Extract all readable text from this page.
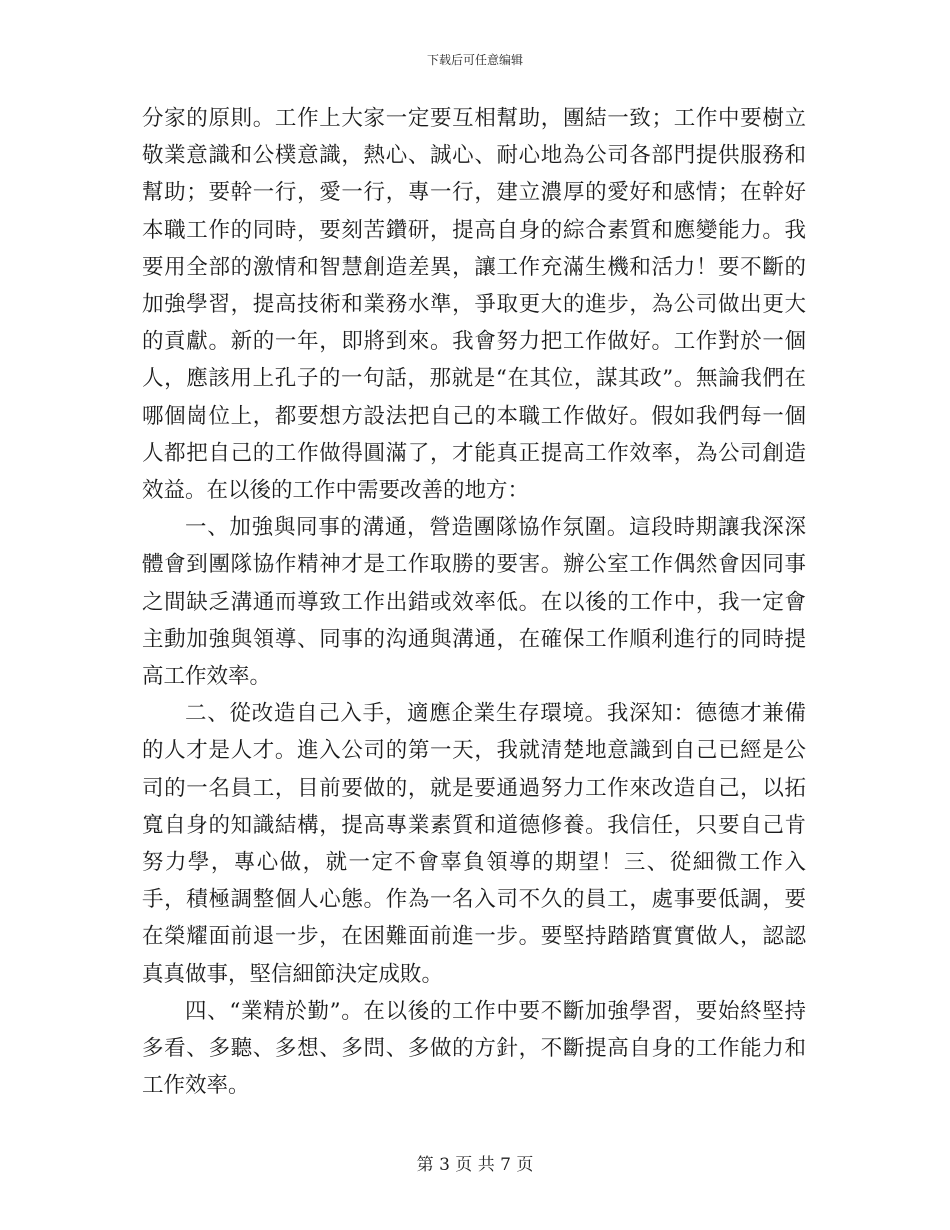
下载后可任意编辑

分家的原則。工作上大家一定要互相幫助，團結一致；工作中要樹立敬業意識和公樸意識，熱心、誠心、耐心地為公司各部門提供服務和幫助；要幹一行，愛一行，專一行，建立濃厚的愛好和感情；在幹好本職工作的同時，要刻苦鑽研，提高自身的綜合素質和應變能力。我要用全部的激情和智慧創造差異，讓工作充滿生機和活力！要不斷的加強學習，提高技術和業務水準，爭取更大的進步，為公司做出更大的貢獻。新的一年，即將到來。我會努力把工作做好。工作對於一個人，應該用上孔子的一句話，那就是“在其位，謀其政”。無論我們在哪個崗位上，都要想方設法把自己的本職工作做好。假如我們每一個人都把自己的工作做得圓滿了，才能真正提高工作效率，為公司創造效益。在以後的工作中需要改善的地方：

一、加強與同事的溝通，營造團隊協作氛圍。這段時期讓我深深體會到團隊協作精神才是工作取勝的要害。辦公室工作偶然會因同事之間缺乏溝通而導致工作出錯或效率低。在以後的工作中，我一定會主動加強與領導、同事的沟通與溝通，在確保工作順利進行的同時提高工作效率。

二、從改造自己入手，適應企業生存環境。我深知：德德才兼備的人才是人才。進入公司的第一天，我就清楚地意識到自己已經是公司的一名員工，目前要做的，就是要通過努力工作來改造自己，以拓寬自身的知識結構，提高專業素質和道德修養。我信任，只要自己肯努力學，專心做，就一定不會辜負領導的期望！三、從細微工作入手，積極調整個人心態。作為一名入司不久的員工，處事要低調，要在榮耀面前退一步，在困難面前進一步。要堅持踏踏實實做人，認認真真做事，堅信細節決定成敗。

四、“業精於勤”。在以後的工作中要不斷加強學習，要始終堅持多看、多聽、多想、多問、多做的方針，不斷提高自身的工作能力和工作效率。

第 3 页 共 7 页
